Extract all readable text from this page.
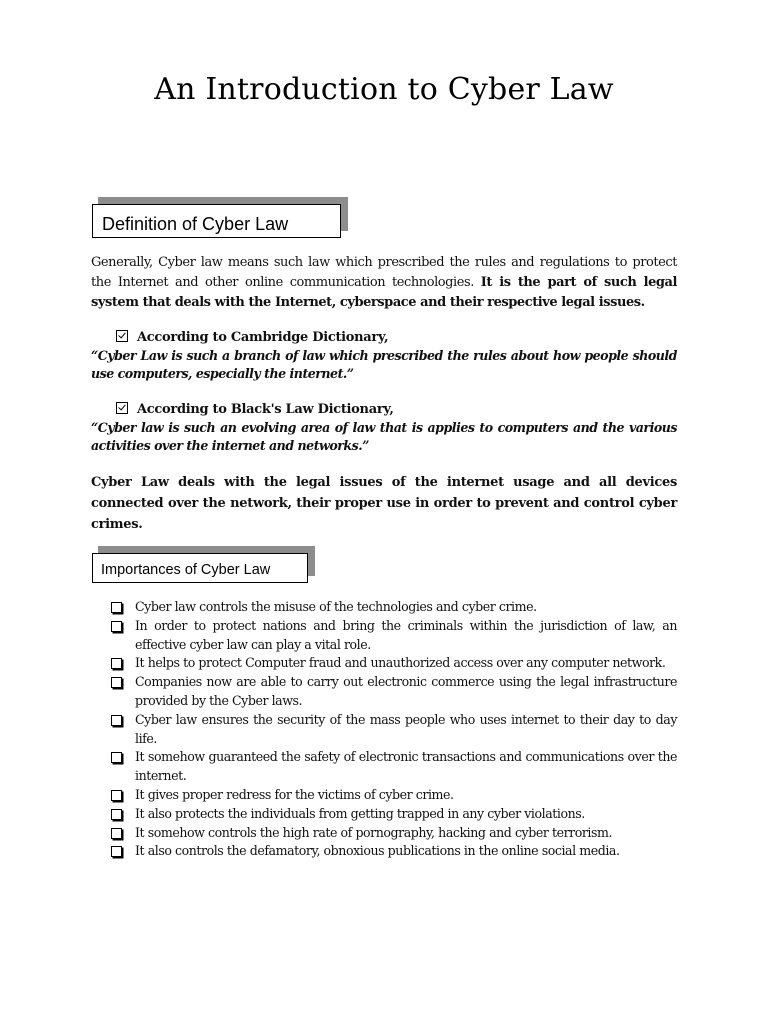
An Introduction to Cyber Law
Definition of Cyber Law
Generally, Cyber law means such law which prescribed the rules and regulations to protect the Internet and other online communication technologies. It is the part of such legal system that deals with the Internet, cyberspace and their respective legal issues.
According to Cambridge Dictionary,
“Cyber Law is such a branch of law which prescribed the rules about how people should use computers, especially the internet.”
According to Black's Law Dictionary,
“Cyber law is such an evolving area of law that is applies to computers and the various activities over the internet and networks.”
Cyber Law deals with the legal issues of the internet usage and all devices connected over the network, their proper use in order to prevent and control cyber crimes.
Importances of Cyber Law
Cyber law controls the misuse of the technologies and cyber crime.
In order to protect nations and bring the criminals within the jurisdiction of law, an effective cyber law can play a vital role.
It helps to protect Computer fraud and unauthorized access over any computer network.
Companies now are able to carry out electronic commerce using the legal infrastructure provided by the Cyber laws.
Cyber law ensures the security of the mass people who uses internet to their day to day life.
It somehow guaranteed the safety of electronic transactions and communications over the internet.
It gives proper redress for the victims of cyber crime.
It also protects the individuals from getting trapped in any cyber violations.
It somehow controls the high rate of pornography, hacking and cyber terrorism.
It also controls the defamatory, obnoxious publications in the online social media.
